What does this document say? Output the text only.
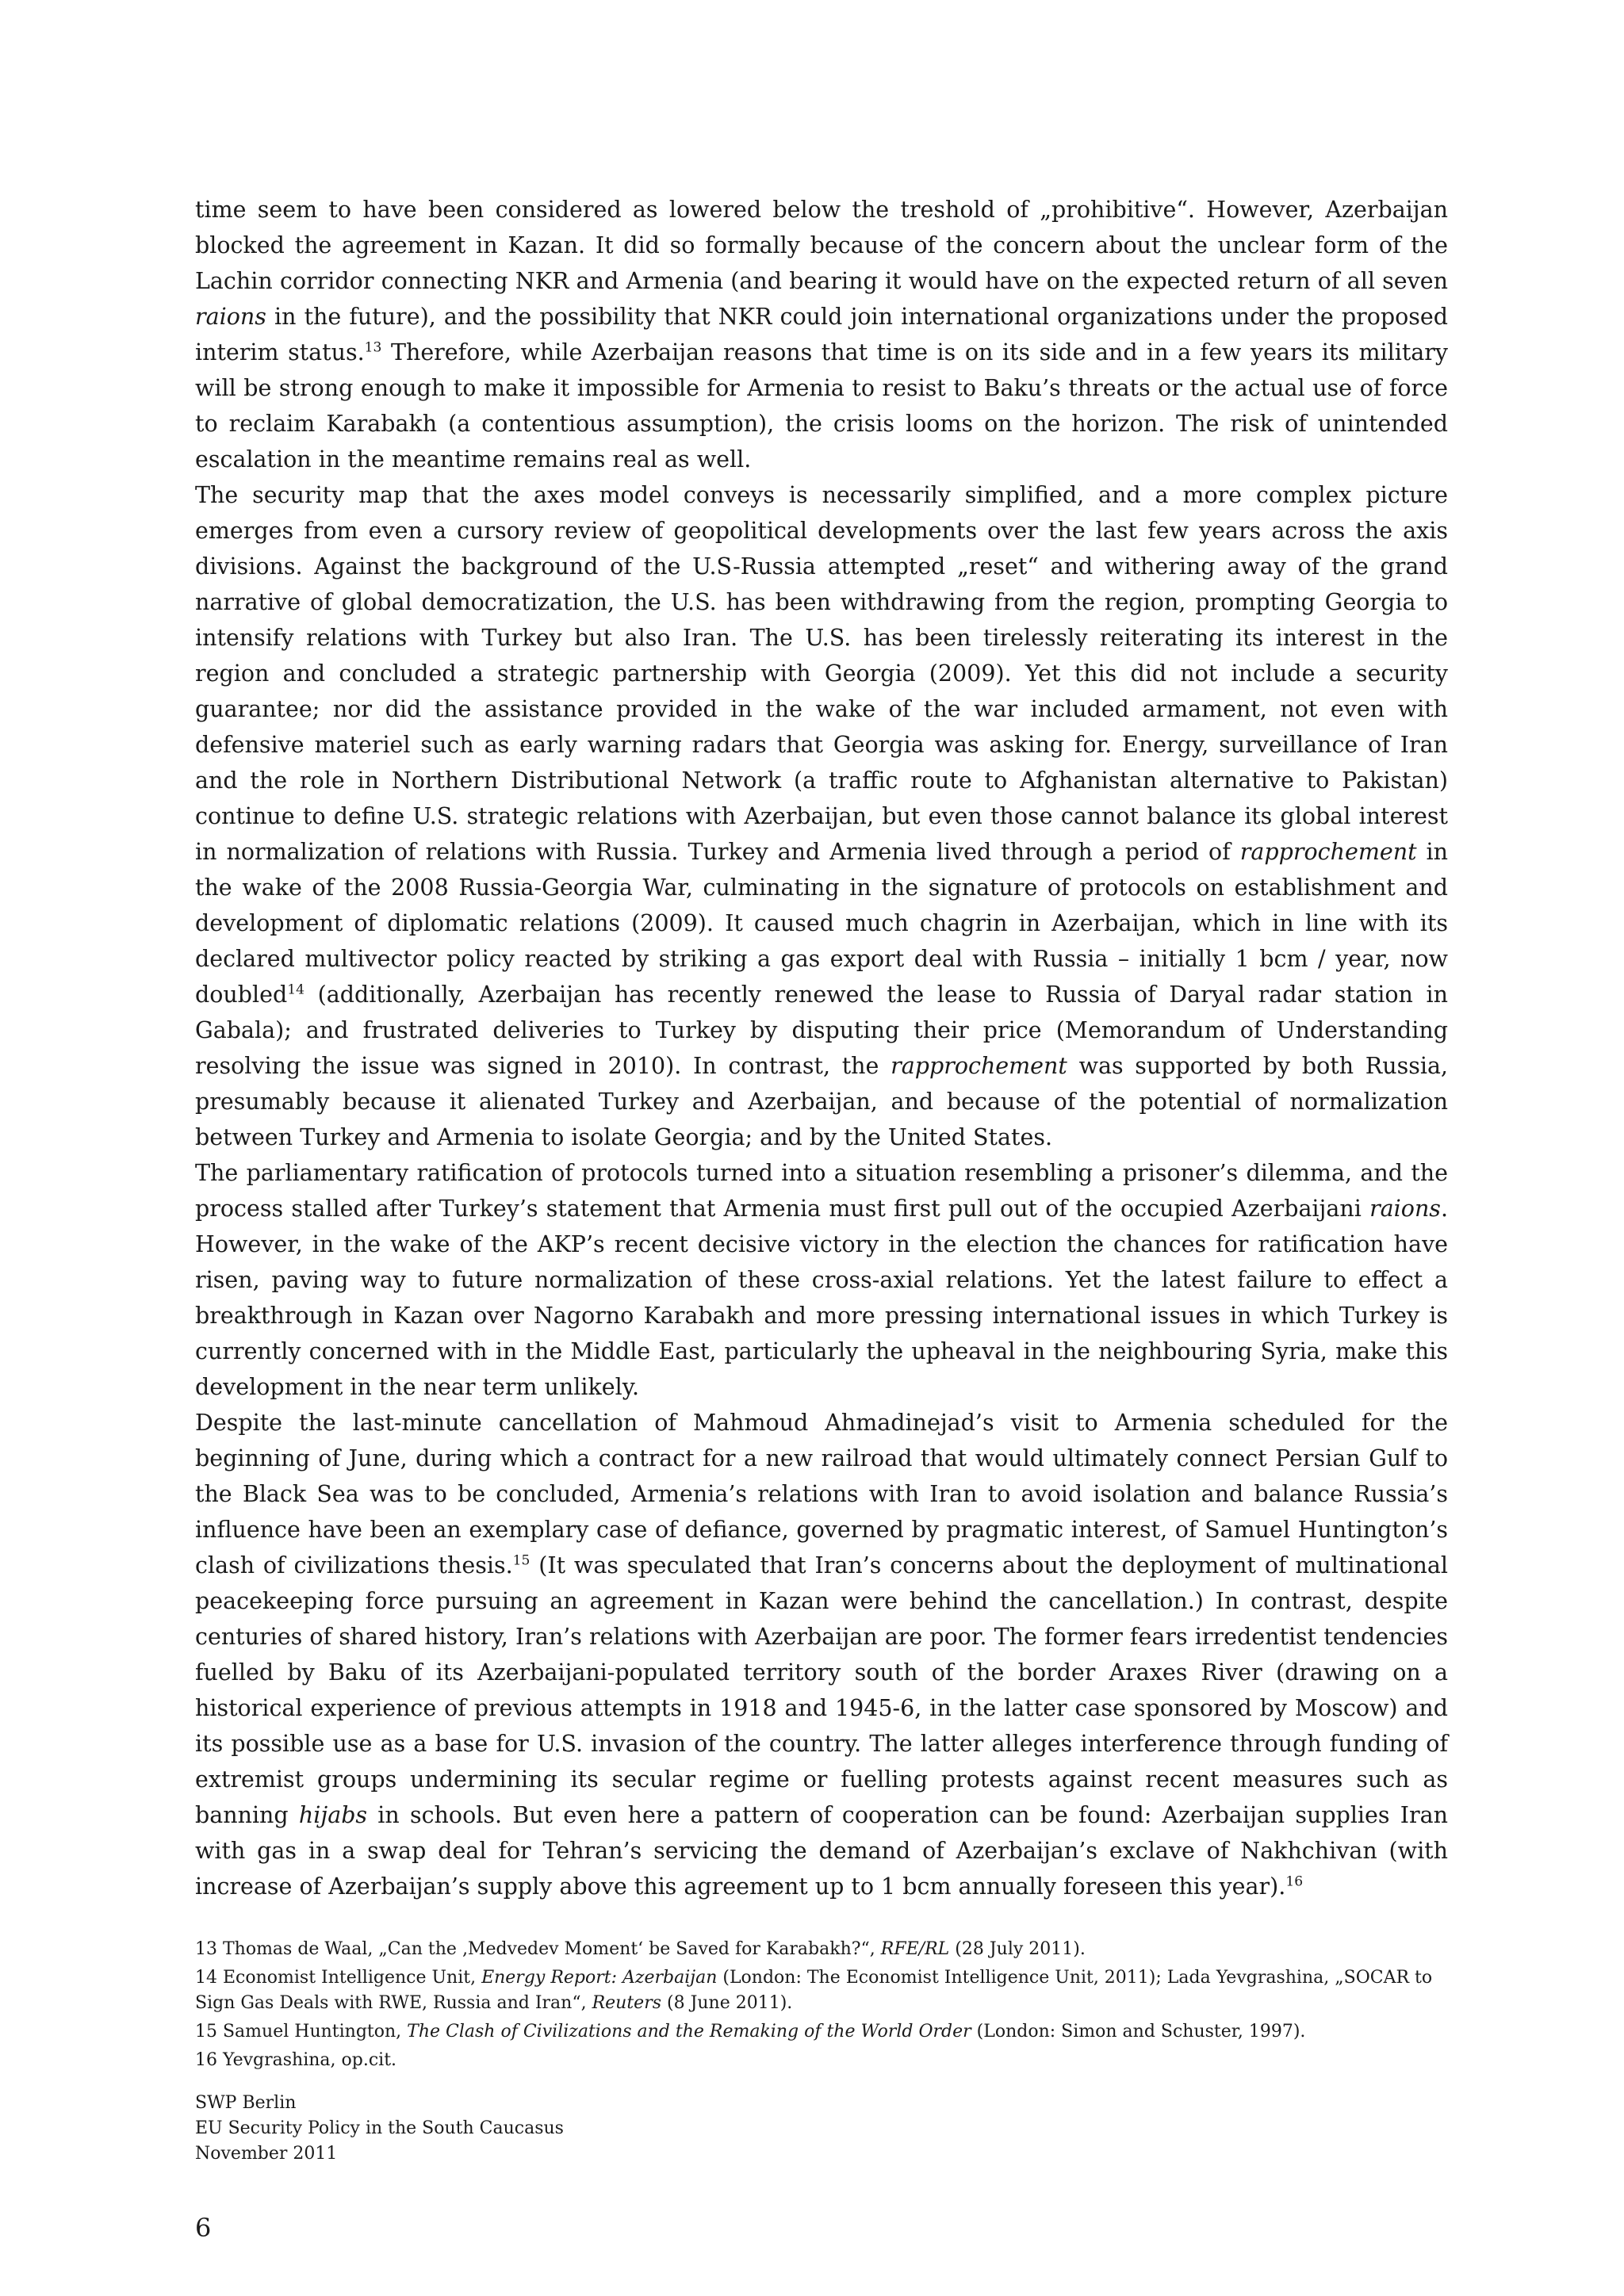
time seem to have been considered as lowered below the treshold of „prohibitive“. However, Azerbaijan blocked the agreement in Kazan. It did so formally because of the concern about the unclear form of the Lachin corridor connecting NKR and Armenia (and bearing it would have on the expected return of all seven raions in the future), and the possibility that NKR could join international organizations under the proposed interim status.$^{13}$ Therefore, while Azerbaijan reasons that time is on its side and in a few years its military will be strong enough to make it impossible for Armenia to resist to Baku’s threats or the actual use of force to reclaim Karabakh (a contentious assumption), the crisis looms on the horizon. The risk of unintended escalation in the meantime remains real as well.

The security map that the axes model conveys is necessarily simplified, and a more complex picture emerges from even a cursory review of geopolitical developments over the last few years across the axis divisions. Against the background of the U.S-Russia attempted „reset“ and withering away of the grand narrative of global democratization, the U.S. has been withdrawing from the region, prompting Georgia to intensify relations with Turkey but also Iran. The U.S. has been tirelessly reiterating its interest in the region and concluded a strategic partnership with Georgia (2009). Yet this did not include a security guarantee; nor did the assistance provided in the wake of the war included armament, not even with defensive materiel such as early warning radars that Georgia was asking for. Energy, surveillance of Iran and the role in Northern Distributional Network (a traffic route to Afghanistan alternative to Pakistan) continue to define U.S. strategic relations with Azerbaijan, but even those cannot balance its global interest in normalization of relations with Russia. Turkey and Armenia lived through a period of rapprochement in the wake of the 2008 Russia-Georgia War, culminating in the signature of protocols on establishment and development of diplomatic relations (2009). It caused much chagrin in Azerbaijan, which in line with its declared multivector policy reacted by striking a gas export deal with Russia – initially 1 bcm / year, now doubled$^{14}$ (additionally, Azerbaijan has recently renewed the lease to Russia of Daryal radar station in Gabala); and frustrated deliveries to Turkey by disputing their price (Memorandum of Understanding resolving the issue was signed in 2010). In contrast, the rapprochement was supported by both Russia, presumably because it alienated Turkey and Azerbaijan, and because of the potential of normalization between Turkey and Armenia to isolate Georgia; and by the United States.

The parliamentary ratification of protocols turned into a situation resembling a prisoner’s dilemma, and the process stalled after Turkey’s statement that Armenia must first pull out of the occupied Azerbaijani raions. However, in the wake of the AKP’s recent decisive victory in the election the chances for ratification have risen, paving way to future normalization of these cross-axial relations. Yet the latest failure to effect a breakthrough in Kazan over Nagorno Karabakh and more pressing international issues in which Turkey is currently concerned with in the Middle East, particularly the upheaval in the neighbouring Syria, make this development in the near term unlikely.

Despite the last-minute cancellation of Mahmoud Ahmadinejad’s visit to Armenia scheduled for the beginning of June, during which a contract for a new railroad that would ultimately connect Persian Gulf to the Black Sea was to be concluded, Armenia’s relations with Iran to avoid isolation and balance Russia’s influence have been an exemplary case of defiance, governed by pragmatic interest, of Samuel Huntington’s clash of civilizations thesis.$^{15}$ (It was speculated that Iran’s concerns about the deployment of multinational peacekeeping force pursuing an agreement in Kazan were behind the cancellation.) In contrast, despite centuries of shared history, Iran’s relations with Azerbaijan are poor. The former fears irredentist tendencies fuelled by Baku of its Azerbaijani-populated territory south of the border Araxes River (drawing on a historical experience of previous attempts in 1918 and 1945-6, in the latter case sponsored by Moscow) and its possible use as a base for U.S. invasion of the country. The latter alleges interference through funding of extremist groups undermining its secular regime or fuelling protests against recent measures such as banning hijabs in schools. But even here a pattern of cooperation can be found: Azerbaijan supplies Iran with gas in a swap deal for Tehran’s servicing the demand of Azerbaijan’s exclave of Nakhchivan (with increase of Azerbaijan’s supply above this agreement up to 1 bcm annually foreseen this year).$^{16}$

13 Thomas de Waal, „Can the ‚Medvedev Moment‘ be Saved for Karabakh?“, RFE/RL (28 July 2011).
14 Economist Intelligence Unit, Energy Report: Azerbaijan (London: The Economist Intelligence Unit, 2011); Lada Yevgrashina, „SOCAR to Sign Gas Deals with RWE, Russia and Iran“, Reuters (8 June 2011).
15 Samuel Huntington, The Clash of Civilizations and the Remaking of the World Order (London: Simon and Schuster, 1997).
16 Yevgrashina, op.cit.
SWP Berlin
EU Security Policy in the South Caucasus
November 2011
6
